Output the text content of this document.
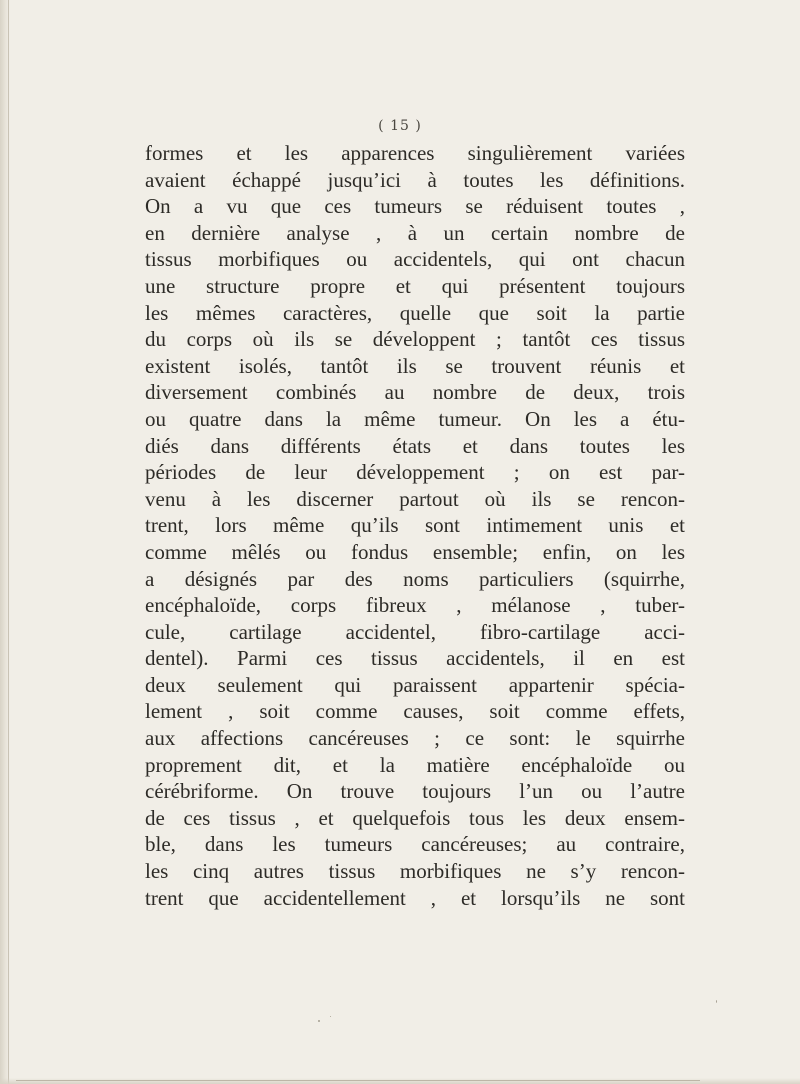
( 15 )
formes et les apparences singulièrement variées
avaient échappé jusqu’ici à toutes les définitions.
On a vu que ces tumeurs se réduisent toutes ,
en dernière analyse , à un certain nombre de
tissus morbifiques ou accidentels, qui ont chacun
une structure propre et qui présentent toujours
les mêmes caractères, quelle que soit la partie
du corps où ils se développent ; tantôt ces tissus
existent isolés, tantôt ils se trouvent réunis et
diversement combinés au nombre de deux, trois
ou quatre dans la même tumeur. On les a étu-
diés dans différents états et dans toutes les
périodes de leur développement ; on est par-
venu à les discerner partout où ils se rencon-
trent, lors même qu’ils sont intimement unis et
comme mêlés ou fondus ensemble; enfin, on les
a désignés par des noms particuliers (squirrhe,
encéphaloïde, corps fibreux , mélanose , tuber-
cule, cartilage accidentel, fibro-cartilage acci-
dentel). Parmi ces tissus accidentels, il en est
deux seulement qui paraissent appartenir spécia-
lement , soit comme causes, soit comme effets,
aux affections cancéreuses ; ce sont: le squirrhe
proprement dit, et la matière encéphaloïde ou
cérébriforme. On trouve toujours l’un ou l’autre
de ces tissus , et quelquefois tous les deux ensem-
ble, dans les tumeurs cancéreuses; au contraire,
les cinq autres tissus morbifiques ne s’y rencon-
trent que accidentellement , et lorsqu’ils ne sont
